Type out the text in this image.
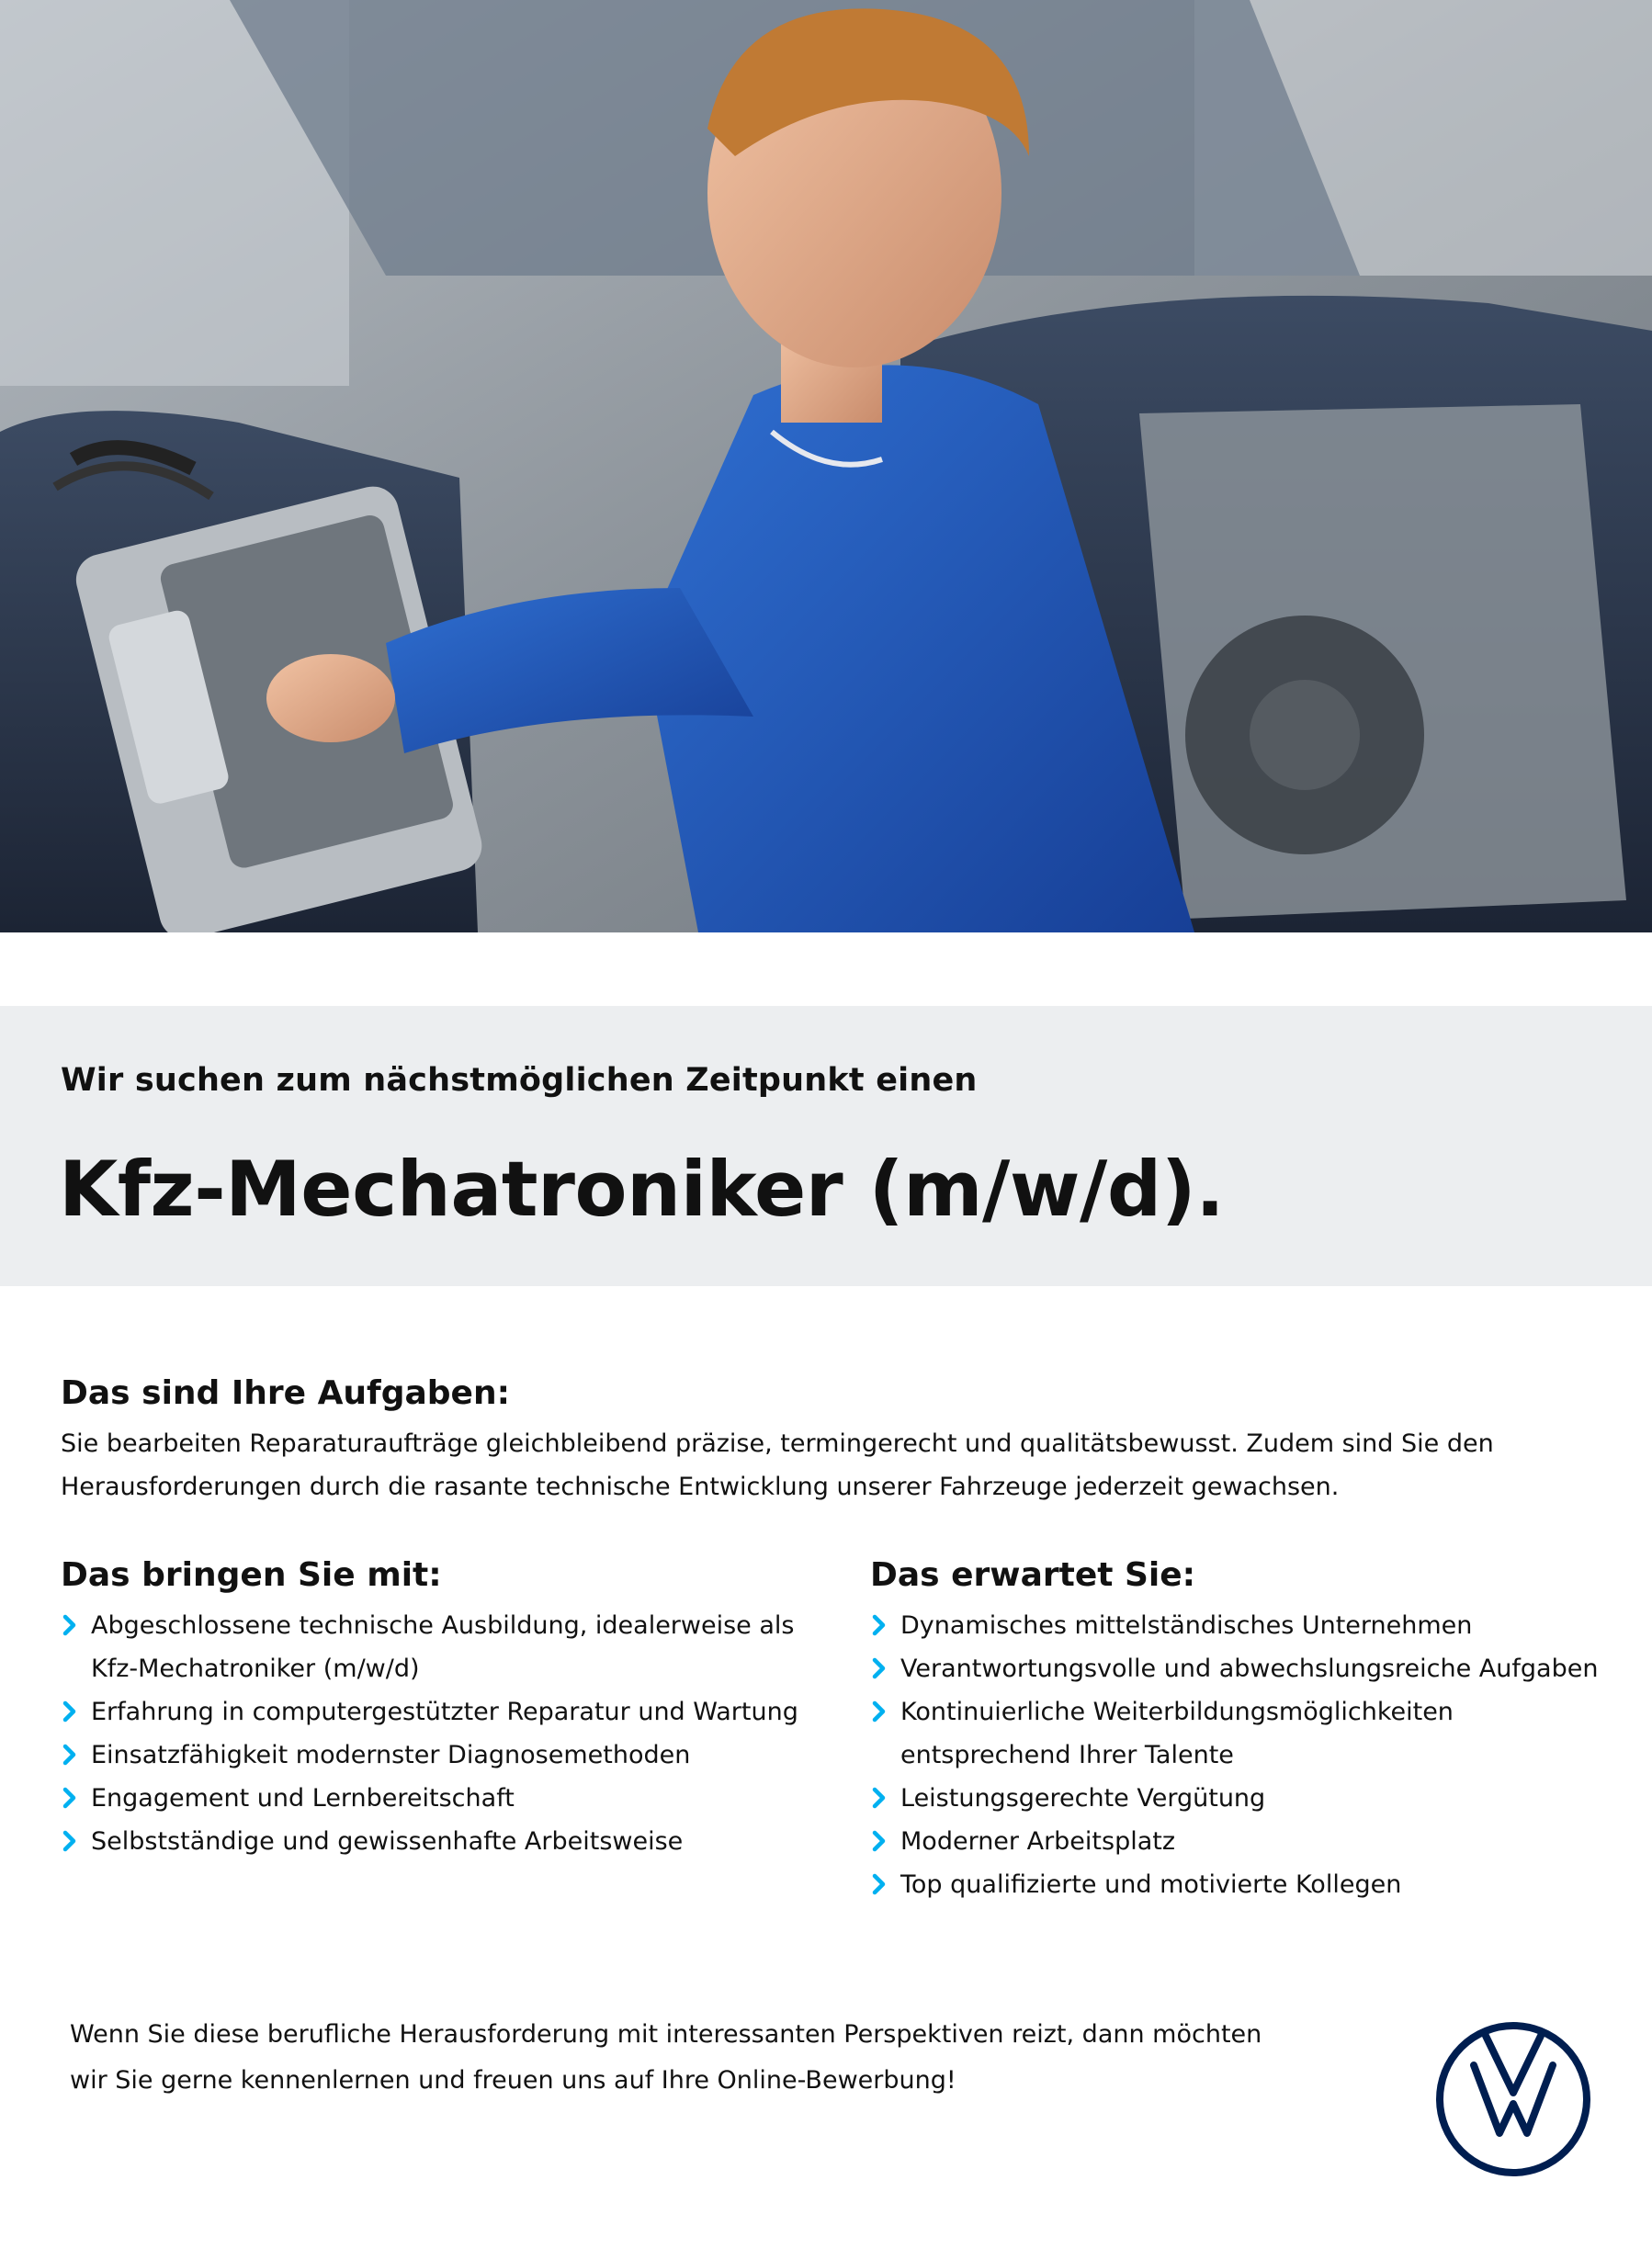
Wir suchen zum nächstmöglichen Zeitpunkt einen

Kfz-Mechatroniker (m/w/d).
Das sind Ihre Aufgaben:

Sie bearbeiten Reparaturaufträge gleichbleibend präzise, termingerecht und qualitätsbewusst. Zudem sind Sie den Herausforderungen durch die rasante technische Entwicklung unserer Fahrzeuge jederzeit gewachsen.

Das bringen Sie mit:
Abgeschlossene technische Ausbildung, idealerweise als Kfz-Mechatroniker (m/w/d)
Erfahrung in computergestützter Reparatur und Wartung
Einsatzfähigkeit modernster Diagnosemethoden
Engagement und Lernbereitschaft
Selbstständige und gewissenhafte Arbeitsweise
Das erwartet Sie:
Dynamisches mittelständisches Unternehmen
Verantwortungsvolle und abwechslungsreiche Aufgaben
Kontinuierliche Weiterbildungsmöglichkeiten entsprechend Ihrer Talente
Leistungsgerechte Vergütung
Moderner Arbeitsplatz
Top qualifizierte und motivierte Kollegen

Wenn Sie diese berufliche Herausforderung mit interessanten Perspektiven reizt, dann möchten wir Sie gerne kennenlernen und freuen uns auf Ihre Online-Bewerbung!
